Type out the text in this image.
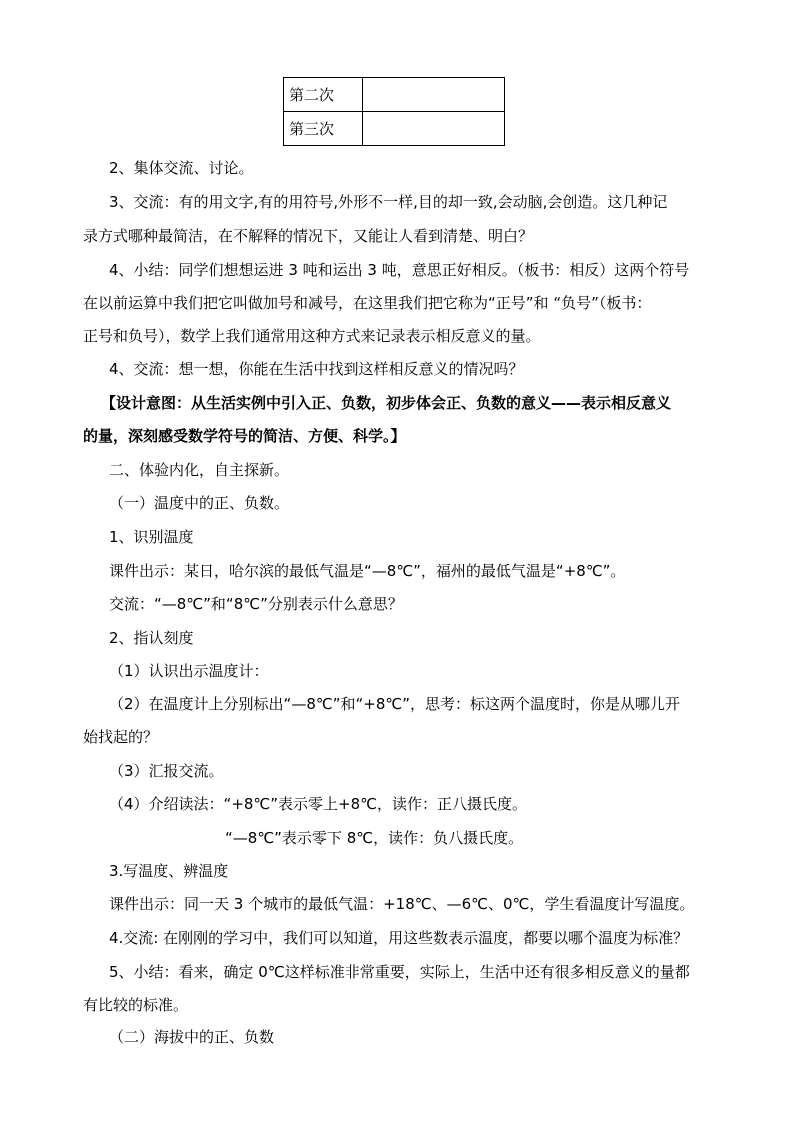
第二次	
第三次	
2、集体交流、讨论。
3、交流：有的用文字,有的用符号,外形不一样,目的却一致,会动脑,会创造。这几种记
录方式哪种最简洁，在不解释的情况下，又能让人看到清楚、明白？
4、小结：同学们想想运进 3 吨和运出 3 吨，意思正好相反。（板书：相反）这两个符号
在以前运算中我们把它叫做加号和减号，在这里我们把它称为“正号”和 “负号”（板书：
正号和负号），数学上我们通常用这种方式来记录表示相反意义的量。
4、交流：想一想，你能在生活中找到这样相反意义的情况吗？
【设计意图：从生活实例中引入正、负数，初步体会正、负数的意义——表示相反意义
的量，深刻感受数学符号的简洁、方便、科学。】
二、体验内化，自主探新。
（一）温度中的正、负数。
1、识别温度
课件出示：某日，哈尔滨的最低气温是“—8℃”，福州的最低气温是“+8℃”。
交流：“—8℃”和“8℃”分别表示什么意思？
2、指认刻度
（1）认识出示温度计：
（2）在温度计上分别标出“—8℃”和“+8℃”，思考：标这两个温度时，你是从哪儿开
始找起的？
（3）汇报交流。
（4）介绍读法：“+8℃”表示零上+8℃，读作：正八摄氏度。
“—8℃”表示零下 8℃，读作：负八摄氏度。
3.写温度、辨温度
课件出示：同一天 3 个城市的最低气温：+18℃、—6℃、0℃，学生看温度计写温度。
4.交流: 在刚刚的学习中，我们可以知道，用这些数表示温度，都要以哪个温度为标准？
5、小结：看来，确定 0℃这样标准非常重要，实际上，生活中还有很多相反意义的量都
有比较的标准。
（二）海拔中的正、负数
